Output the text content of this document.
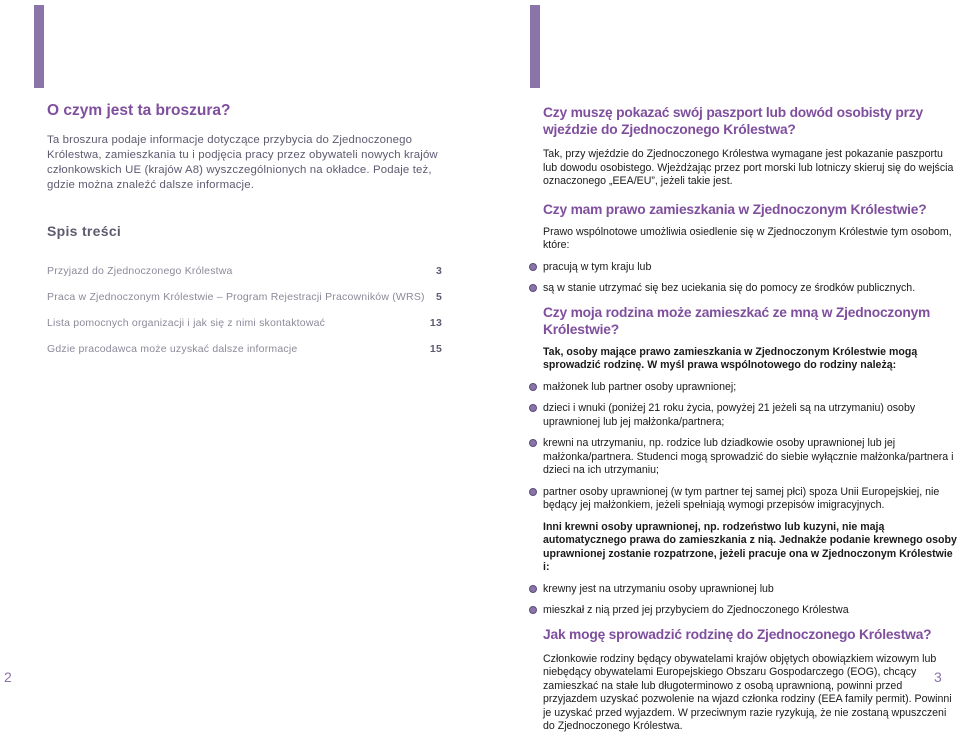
O czym jest ta broszura?

Ta broszura podaje informacje dotyczące przybycia do Zjednoczonego Królestwa, zamieszkania tu i podjęcia pracy przez obywateli nowych krajów członkowskich UE (krajów A8) wyszczególnionych na okładce. Podaje też, gdzie można znaleźć dalsze informacje.

Spis treści
Przyjazd do Zjednoczonego Królestwa	3
Praca w Zjednoczonym Królestwie – Program Rejestracji Pracowników (WRS) 5
Lista pomocnych organizacji i jak się z nimi skontaktować	13
Gdzie pracodawca może uzyskać dalsze informacje	15
2
Czy muszę pokazać swój paszport lub dowód osobisty przy wjeździe do Zjednoczonego Królestwa?

Tak, przy wjeździe do Zjednoczonego Królestwa wymagane jest pokazanie paszportu lub dowodu osobistego. Wjeżdżając przez port morski lub lotniczy skieruj się do wejścia oznaczonego „EEA/EU”, jeżeli takie jest.

Czy mam prawo zamieszkania w Zjednoczonym Królestwie?

Prawo wspólnotowe umożliwia osiedlenie się w Zjednoczonym Królestwie tym osobom, które:

pracują w tym kraju lub
są w stanie utrzymać się bez uciekania się do pomocy ze środków publicznych.
Czy moja rodzina może zamieszkać ze mną w Zjednoczonym Królestwie?

Tak, osoby mające prawo zamieszkania w Zjednoczonym Królestwie mogą sprowadzić rodzinę. W myśl prawa wspólnotowego do rodziny należą:

małżonek lub partner osoby uprawnionej;
dzieci i wnuki (poniżej 21 roku życia, powyżej 21 jeżeli są na utrzymaniu) osoby uprawnionej lub jej małżonka/partnera;
krewni na utrzymaniu, np. rodzice lub dziadkowie osoby uprawnionej lub jej małżonka/partnera. Studenci mogą sprowadzić do siebie wyłącznie małżonka/partnera i dzieci na ich utrzymaniu;
partner osoby uprawnionej (w tym partner tej samej płci) spoza Unii Europejskiej, nie będący jej małżonkiem, jeżeli spełniają wymogi przepisów imigracyjnych.

Inni krewni osoby uprawnionej, np. rodzeństwo lub kuzyni, nie mają automatycznego prawa do zamieszkania z nią. Jednakże podanie krewnego osoby uprawnionej zostanie rozpatrzone, jeżeli pracuje ona w Zjednoczonym Królestwie i:

krewny jest na utrzymaniu osoby uprawnionej lub
mieszkał z nią przed jej przybyciem do Zjednoczonego Królestwa
Jak mogę sprowadzić rodzinę do Zjednoczonego Królestwa?

Członkowie rodziny będący obywatelami krajów objętych obowiązkiem wizowym lub niebędący obywatelami Europejskiego Obszaru Gospodarczego (EOG), chcący zamieszkać na stałe lub długoterminowo z osobą uprawnioną, powinni przed przyjazdem uzyskać pozwolenie na wjazd członka rodziny (EEA family permit). Powinni je uzyskać przed wyjazdem. W przeciwnym razie ryzykują, że nie zostaną wpuszczeni do Zjednoczonego Królestwa.

3
